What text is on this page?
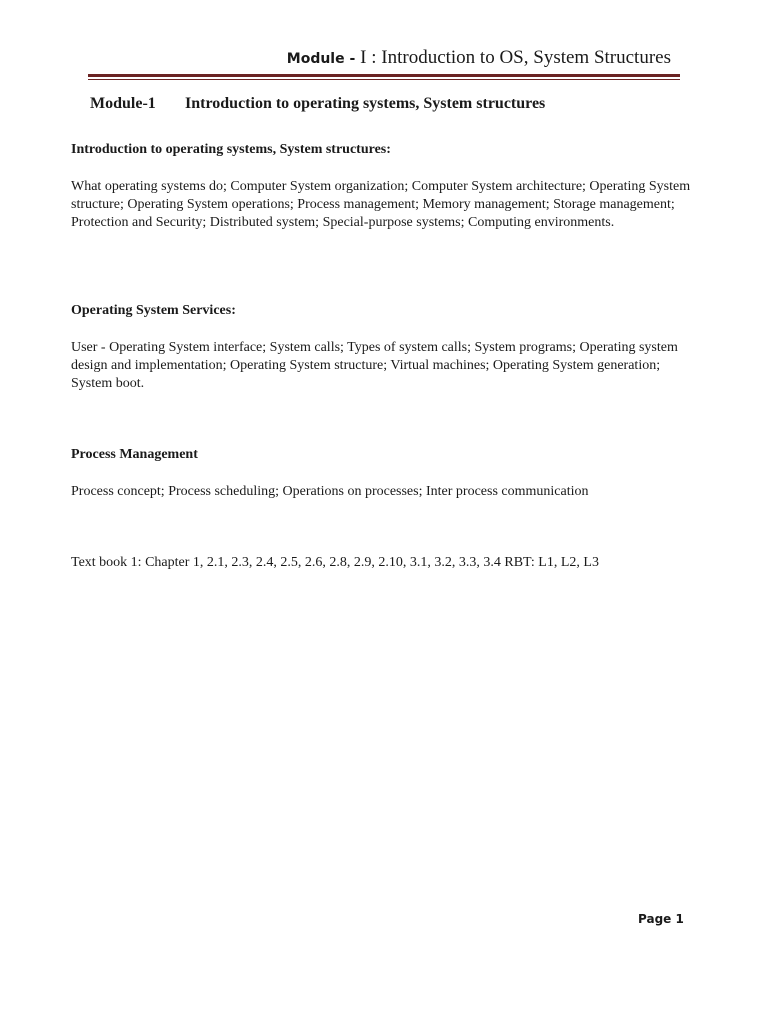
Module - I : Introduction to OS, System Structures
Module-1 Introduction to operating systems, System structures
Introduction to operating systems, System structures:
What operating systems do; Computer System organization; Computer System architecture; Operating System structure; Operating System operations; Process management; Memory management; Storage management; Protection and Security; Distributed system; Special-purpose systems; Computing environments.
Operating System Services:
User - Operating System interface; System calls; Types of system calls; System programs; Operating system design and implementation; Operating System structure; Virtual machines; Operating System generation; System boot.
Process Management
Process concept; Process scheduling; Operations on processes; Inter process communication
Text book 1: Chapter 1, 2.1, 2.3, 2.4, 2.5, 2.6, 2.8, 2.9, 2.10, 3.1, 3.2, 3.3, 3.4 RBT: L1, L2, L3
Page 1
